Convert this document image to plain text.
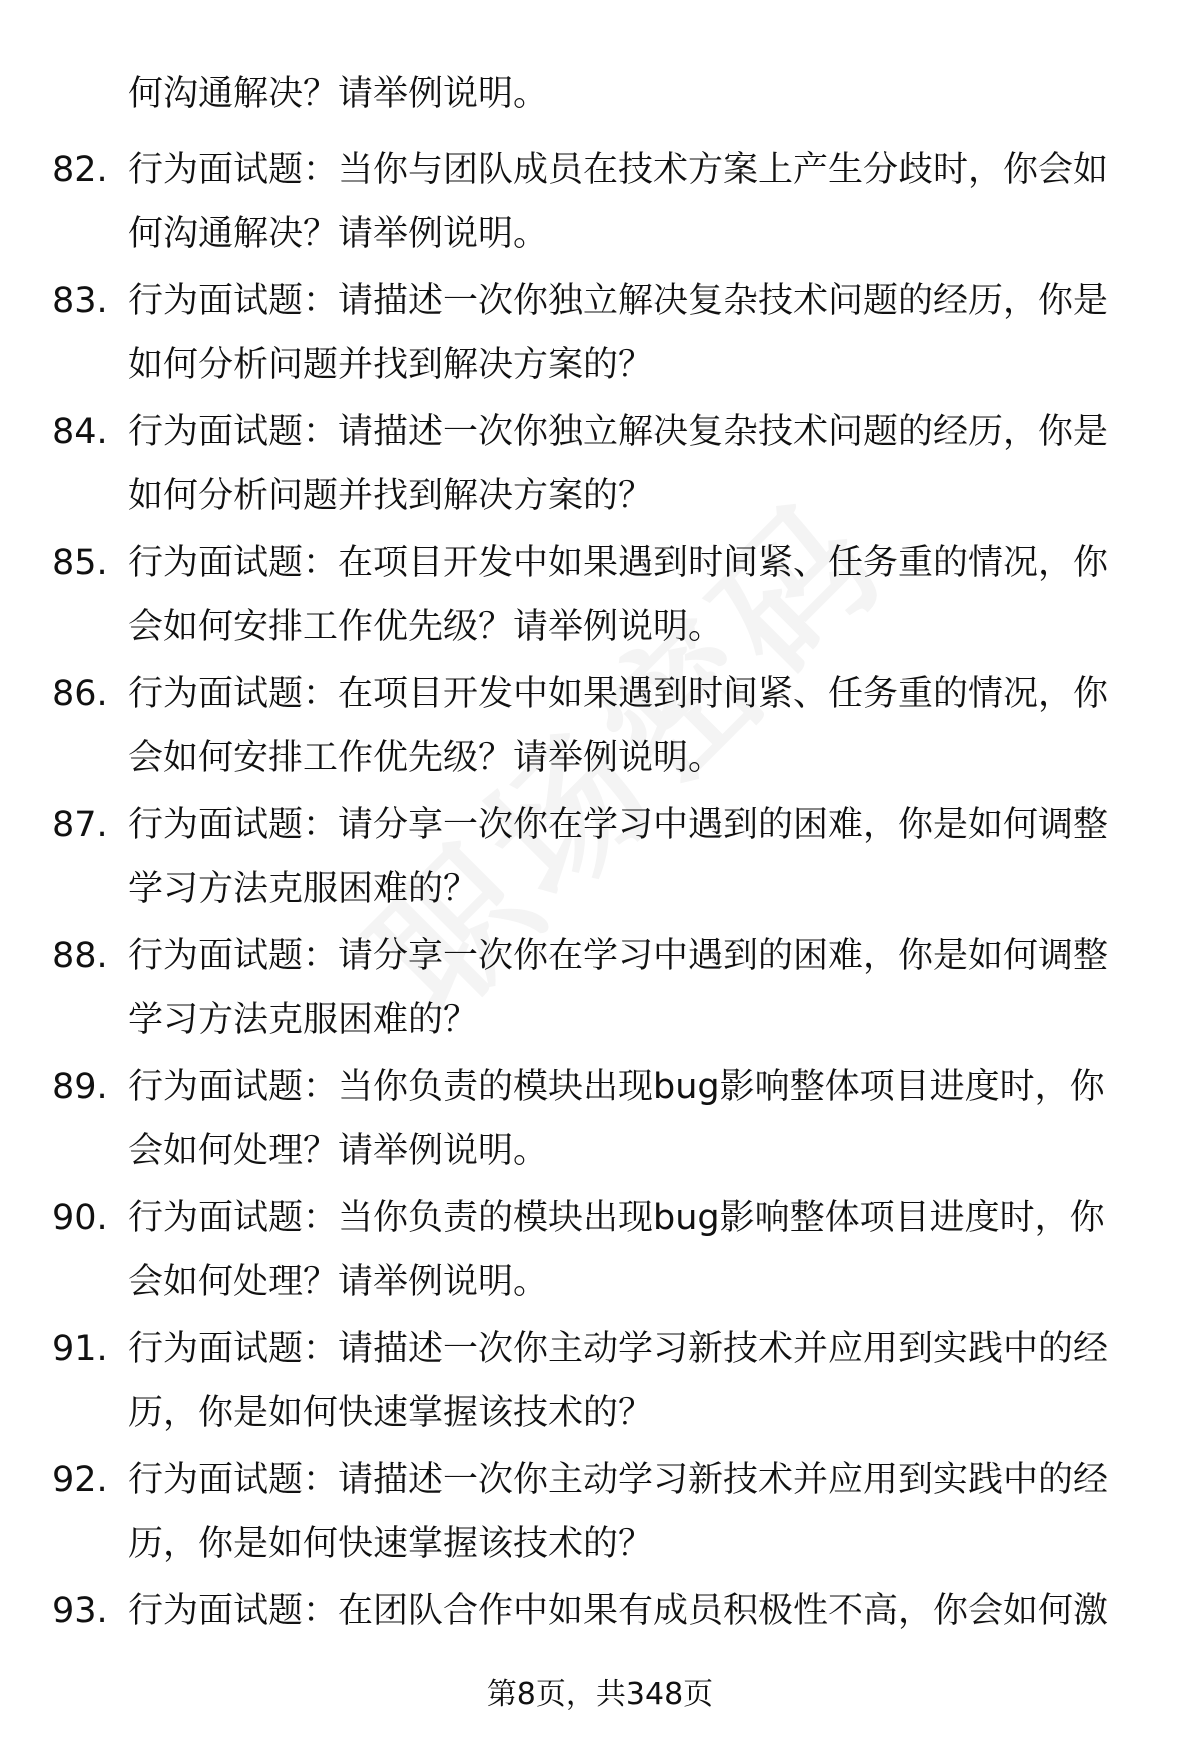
何沟通解决？请举例说明。
82. 行为面试题：当你与团队成员在技术方案上产生分歧时，你会如
何沟通解决？请举例说明。
83. 行为面试题：请描述一次你独立解决复杂技术问题的经历，你是
如何分析问题并找到解决方案的？
84. 行为面试题：请描述一次你独立解决复杂技术问题的经历，你是
如何分析问题并找到解决方案的？
85. 行为面试题：在项目开发中如果遇到时间紧、任务重的情况，你
会如何安排工作优先级？请举例说明。
86. 行为面试题：在项目开发中如果遇到时间紧、任务重的情况，你
会如何安排工作优先级？请举例说明。
87. 行为面试题：请分享一次你在学习中遇到的困难，你是如何调整
学习方法克服困难的？
88. 行为面试题：请分享一次你在学习中遇到的困难，你是如何调整
学习方法克服困难的？
89. 行为面试题：当你负责的模块出现bug影响整体项目进度时，你
会如何处理？请举例说明。
90. 行为面试题：当你负责的模块出现bug影响整体项目进度时，你
会如何处理？请举例说明。
91. 行为面试题：请描述一次你主动学习新技术并应用到实践中的经
历，你是如何快速掌握该技术的？
92. 行为面试题：请描述一次你主动学习新技术并应用到实践中的经
历，你是如何快速掌握该技术的？
93. 行为面试题：在团队合作中如果有成员积极性不高，你会如何激
第8页，共348页
